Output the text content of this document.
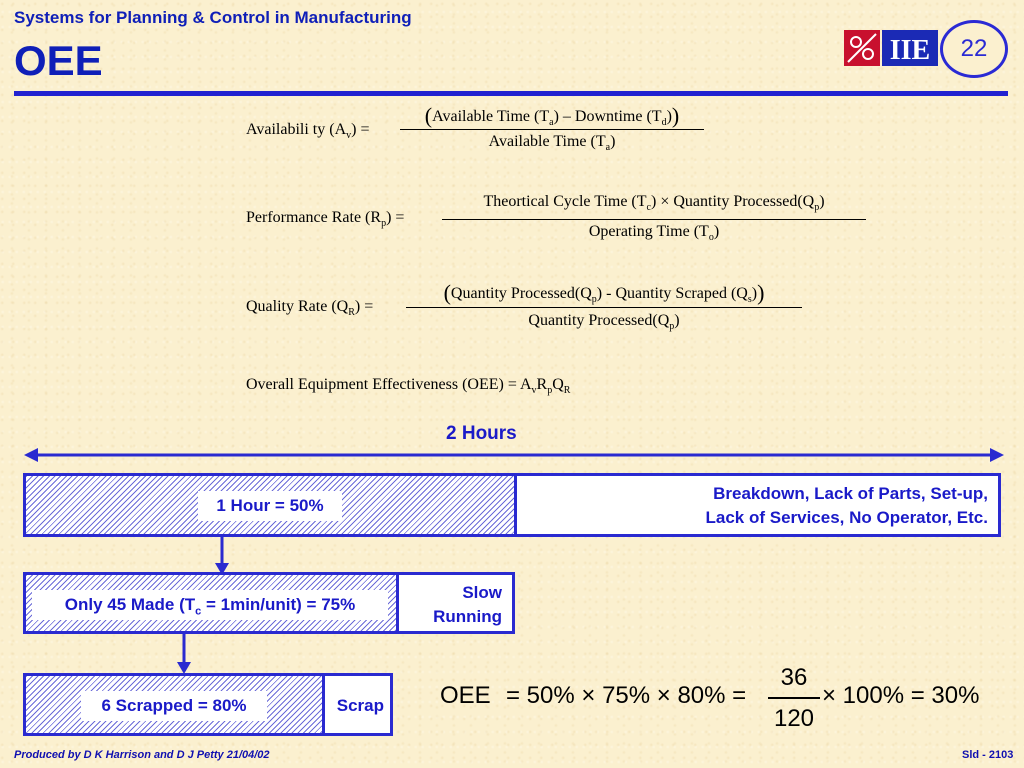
Systems for Planning & Control in Manufacturing
OEE	IIE	22
Availabili ty $(A_v)$ =
(Available Time $(T_a)$ – Downtime $(T_d)$)
Available Time $(T_a)$
Performance Rate $(R_p)$ =
Theortical Cycle Time $(T_c)$ × Quantity $Processed(Q_p)$
Operating Time $(T_o)$
Quality Rate $(Q_R)$ =
(Quantity $Processed(Q_p)$ - Quantity Scraped $(Q_s)$)
Quantity $Processed(Q_p)$
Overall Equipment Effectiveness $(OEE) = A_vR_pQ_R$
2 Hours
1 Hour = 50%
Breakdown, Lack of Parts, Set-up,
Lack of Services, No Operator, Etc.
Only 45 Made ($T_c$ = 1min/unit) = 75%
Slow
Running
6 Scrapped = 80%	Scrap OEE = 50% × 75% × 80% =
36
120
× 100% = 30%
Produced by D K Harrison and D J Petty 21/04/02	Sld - 2103
